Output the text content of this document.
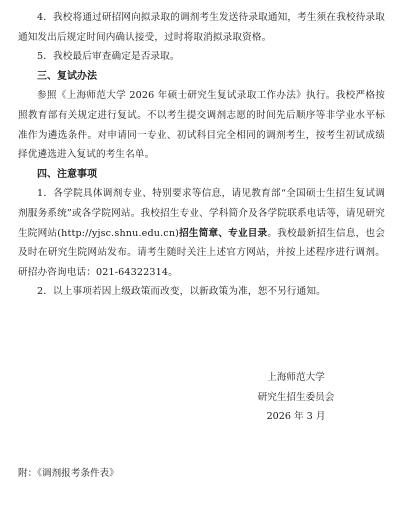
4．我校将通过研招网向拟录取的调剂考生发送待录取通知，考生须在我校待录取通知发出后规定时间内确认接受，过时将取消拟录取资格。

5．我校最后审查确定是否录取。

三、复试办法

参照《上海师范大学 2026 年硕士研究生复试录取工作办法》执行。我校严格按照教育部有关规定进行复试。不以考生提交调剂志愿的时间先后顺序等非学业水平标准作为遴选条件。对申请同一专业、初试科目完全相同的调剂考生，按考生初试成绩择优遴选进入复试的考生名单。

四、注意事项

1．各学院具体调剂专业、特别要求等信息，请见教育部“全国硕士生招生复试调剂服务系统”或各学院网站。我校招生专业、学科简介及各学院联系电话等，请见研究生院网站(http://yjsc.shnu.edu.cn)招生简章、专业目录。我校最新招生信息，也会及时在研究生院网站发布。请考生随时关注上述官方网站，并按上述程序进行调剂。研招办咨询电话：021-64322314。

2．以上事项若因上级政策而改变，以新政策为准，恕不另行通知。

上海师范大学
研究生招生委员会
2026 年 3 月
附：《调剂报考条件表》
